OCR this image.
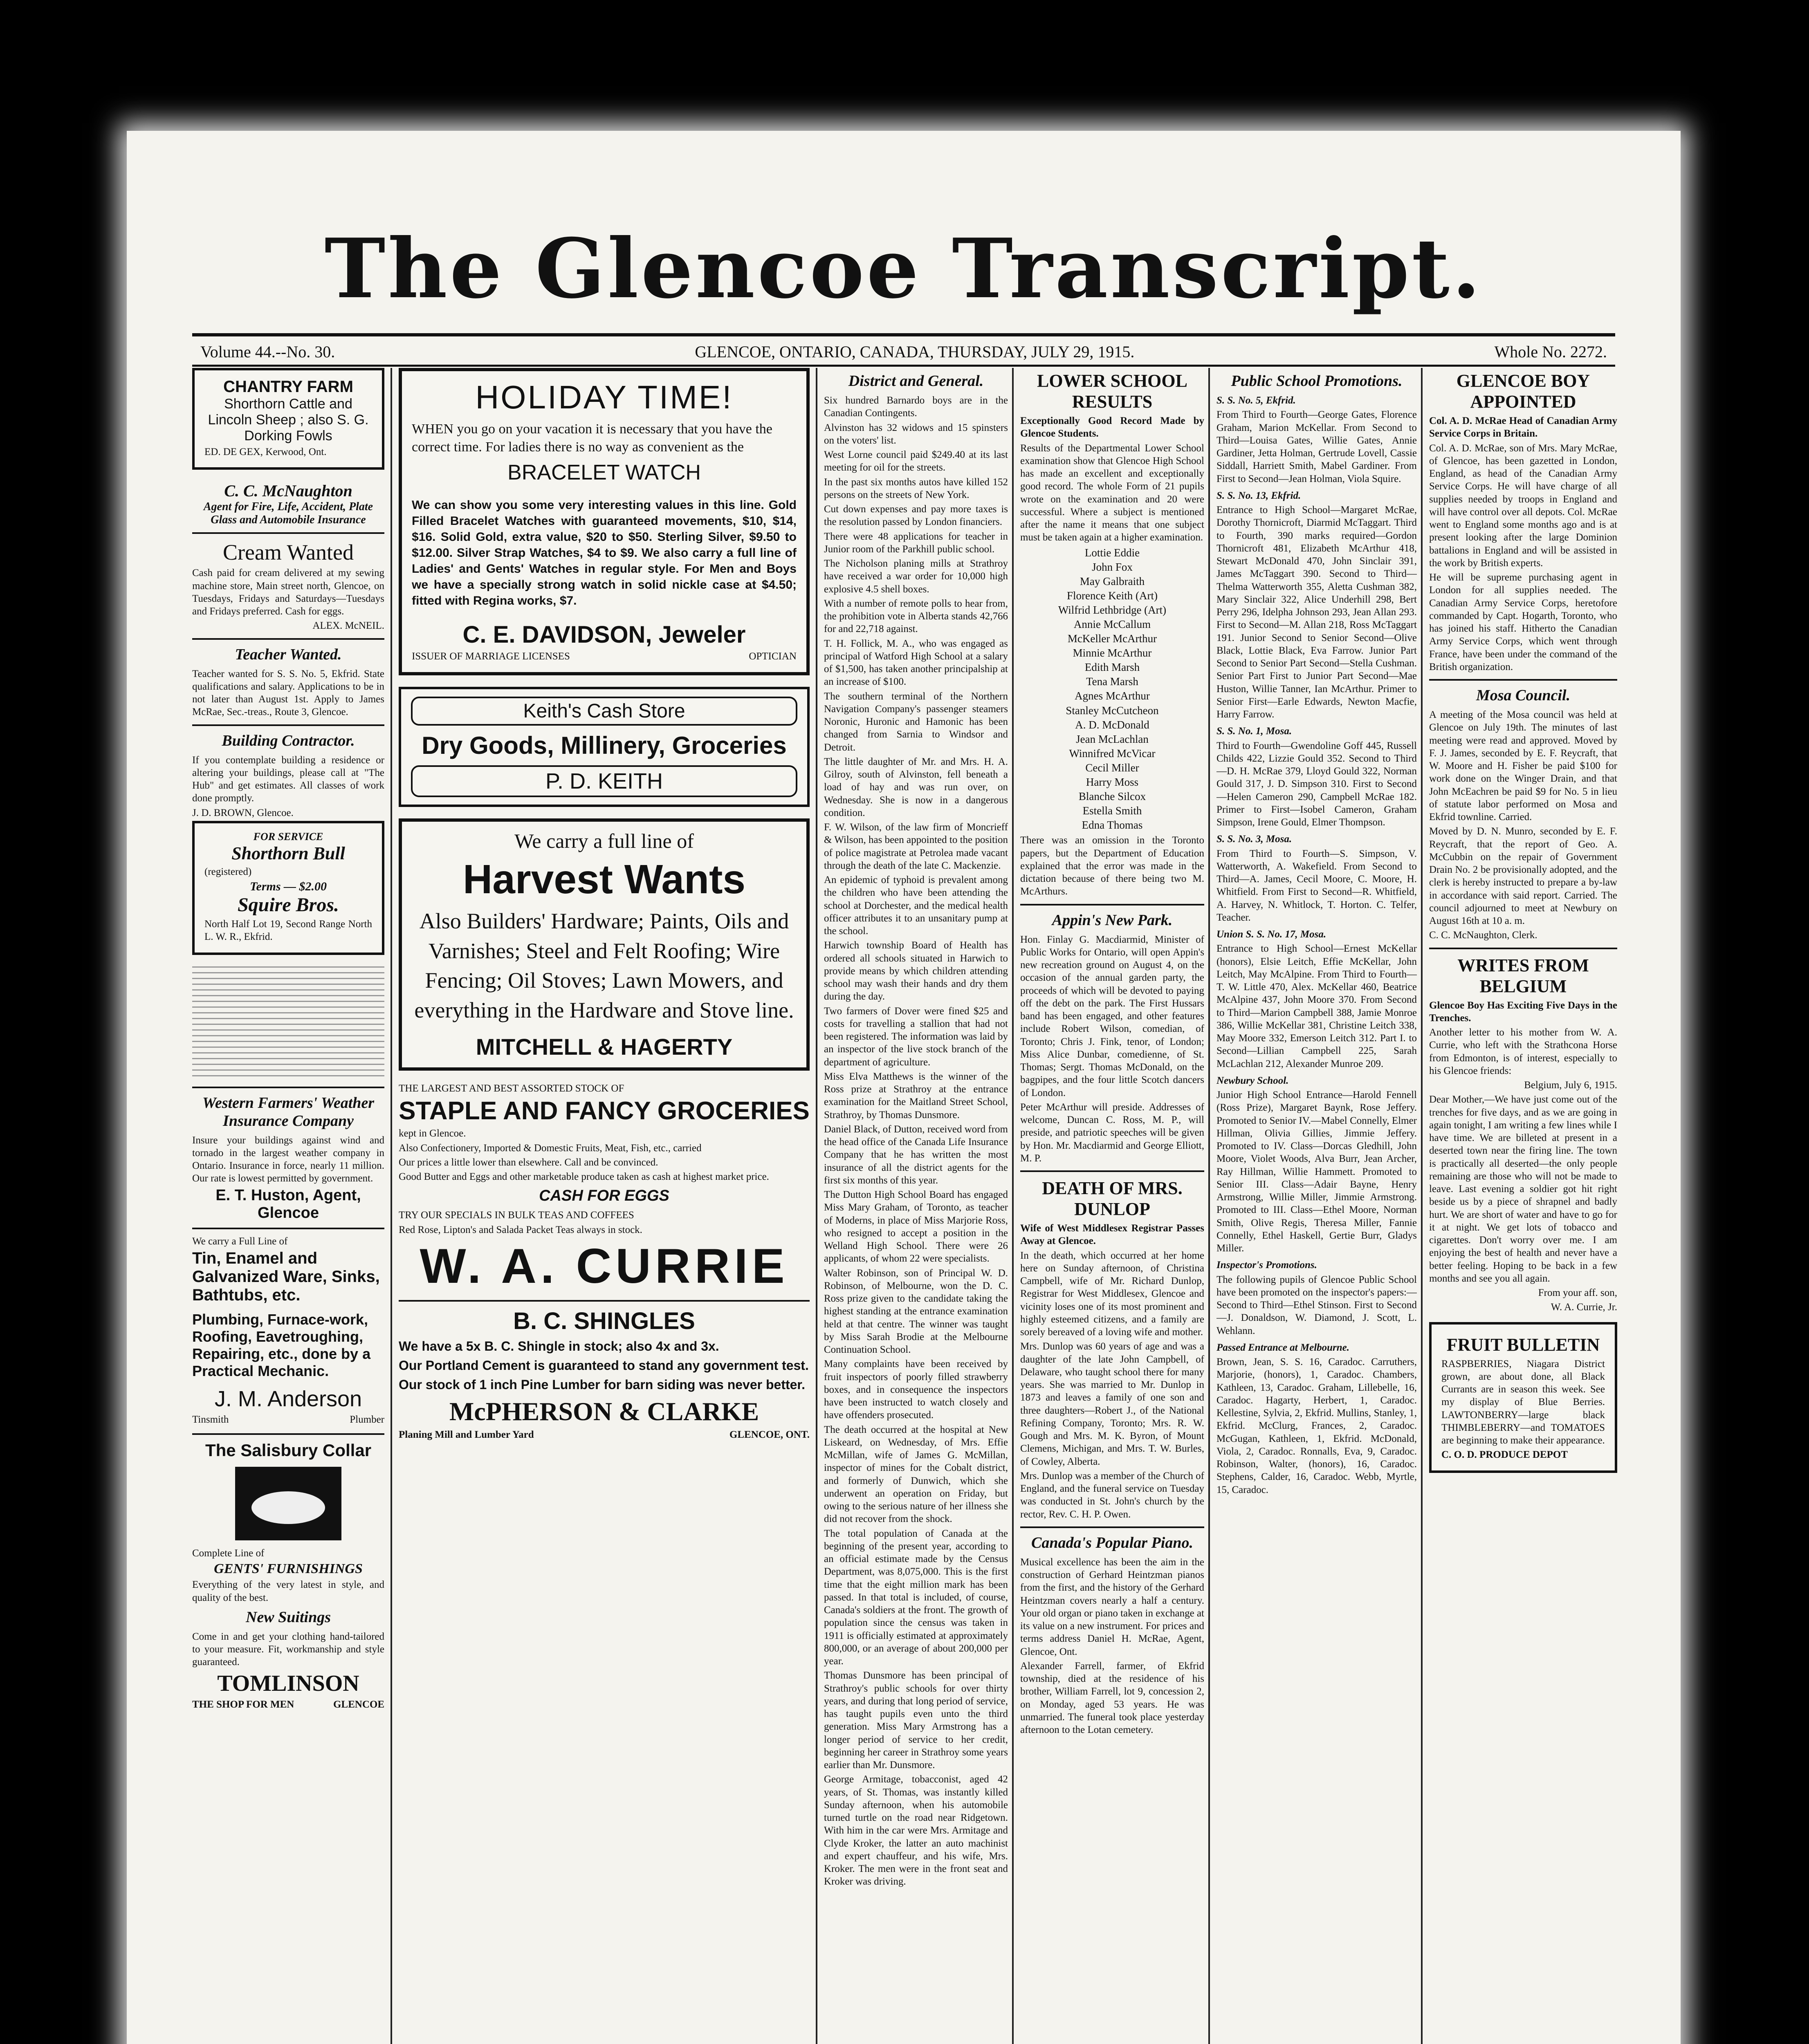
The Glencoe Transcript.
Volume 44.--No. 30.	GLENCOE, ONTARIO, CANADA, THURSDAY, JULY 29, 1915.	Whole No. 2272.
CHANTRY FARM
Shorthorn Cattle and Lincoln Sheep ; also S. G. Dorking Fowls
ED. DE GEX, Kerwood, Ont.
C. C. McNaughton
Agent for Fire, Life, Accident, Plate Glass and Automobile Insurance
Cream Wanted

Cash paid for cream delivered at my sewing machine store, Main street north, Glencoe, on Tuesdays, Fridays and Saturdays—Tuesdays and Fridays preferred. Cash for eggs.

ALEX. McNEIL.
Teacher Wanted.

Teacher wanted for S. S. No. 5, Ekfrid. State qualifications and salary. Applications to be in not later than August 1st. Apply to James McRae, Sec.-treas., Route 3, Glencoe.

Building Contractor.

If you contemplate building a residence or altering your buildings, please call at "The Hub" and get estimates. All classes of work done promptly.

J. D. BROWN, Glencoe.
FOR SERVICE
Shorthorn Bull
(registered)
Terms — $2.00
Squire Bros.
North Half Lot 19, Second Range North L. W. R., Ekfrid.
Western Farmers' Weather Insurance Company

Insure your buildings against wind and tornado in the largest weather company in Ontario. Insurance in force, nearly 11 million. Our rate is lowest permitted by government.

E. T. Huston, Agent, Glencoe
We carry a Full Line of
Tin, Enamel and Galvanized Ware, Sinks, Bathtubs, etc.
Plumbing, Furnace-work, Roofing, Eavetroughing, Repairing, etc., done by a Practical Mechanic.
J. M. Anderson
Tinsmith	Plumber
The Salisbury Collar
Complete Line of
GENTS' FURNISHINGS

Everything of the very latest in style, and quality of the best.

New Suitings

Come in and get your clothing hand-tailored to your measure. Fit, workmanship and style guaranteed.

TOMLINSON
THE SHOP FOR MEN	GLENCOE
HOLIDAY TIME!

WHEN you go on your vacation it is necessary that you have the correct time. For ladies there is no way as convenient as the

BRACELET WATCH

We can show you some very interesting values in this line. Gold Filled Bracelet Watches with guaranteed movements, $10, $14, $16. Solid Gold, extra value, $20 to $50. Sterling Silver, $9.50 to $12.00. Silver Strap Watches, $4 to $9. We also carry a full line of Ladies' and Gents' Watches in regular style. For Men and Boys we have a specially strong watch in solid nickle case at $4.50; fitted with Regina works, $7.

C. E. DAVIDSON, Jeweler
ISSUER OF MARRIAGE LICENSES	OPTICIAN
Keith's Cash Store
Dry Goods, Millinery, Groceries
P. D. KEITH
We carry a full line of
Harvest Wants
Also Builders' Hardware; Paints, Oils and Varnishes; Steel and Felt Roofing; Wire Fencing; Oil Stoves; Lawn Mowers, and everything in the Hardware and Stove line.
MITCHELL & HAGERTY
THE LARGEST AND BEST ASSORTED STOCK OF
STAPLE AND FANCY GROCERIES
kept in Glencoe.
Also Confectionery, Imported & Domestic Fruits, Meat, Fish, etc., carried
Our prices a little lower than elsewhere. Call and be convinced.
Good Butter and Eggs and other marketable produce taken as cash at highest market price.
CASH FOR EGGS
TRY OUR SPECIALS IN BULK TEAS AND COFFEES
Red Rose, Lipton's and Salada Packet Teas always in stock.
W. A. CURRIE
B. C. SHINGLES
We have a 5x B. C. Shingle in stock; also 4x and 3x.
Our Portland Cement is guaranteed to stand any government test.
Our stock of 1 inch Pine Lumber for barn siding was never better.
McPHERSON & CLARKE
Planing Mill and Lumber Yard	GLENCOE, ONT.
District and General.

Six hundred Barnardo boys are in the Canadian Contingents.

Alvinston has 32 widows and 15 spinsters on the voters' list.

West Lorne council paid $249.40 at its last meeting for oil for the streets.

In the past six months autos have killed 152 persons on the streets of New York.

Cut down expenses and pay more taxes is the resolution passed by London financiers.

There were 48 applications for teacher in Junior room of the Parkhill public school.

The Nicholson planing mills at Strathroy have received a war order for 10,000 high explosive 4.5 shell boxes.

With a number of remote polls to hear from, the prohibition vote in Alberta stands 42,766 for and 22,718 against.

T. H. Follick, M. A., who was engaged as principal of Watford High School at a salary of $1,500, has taken another principalship at an increase of $100.

The southern terminal of the Northern Navigation Company's passenger steamers Noronic, Huronic and Hamonic has been changed from Sarnia to Windsor and Detroit.

The little daughter of Mr. and Mrs. H. A. Gilroy, south of Alvinston, fell beneath a load of hay and was run over, on Wednesday. She is now in a dangerous condition.

F. W. Wilson, of the law firm of Moncrieff & Wilson, has been appointed to the position of police magistrate at Petrolea made vacant through the death of the late C. Mackenzie.

An epidemic of typhoid is prevalent among the children who have been attending the school at Dorchester, and the medical health officer attributes it to an unsanitary pump at the school.

Harwich township Board of Health has ordered all schools situated in Harwich to provide means by which children attending school may wash their hands and dry them during the day.

Two farmers of Dover were fined $25 and costs for travelling a stallion that had not been registered. The information was laid by an inspector of the live stock branch of the department of agriculture.

Miss Elva Matthews is the winner of the Ross prize at Strathroy at the entrance examination for the Maitland Street School, Strathroy, by Thomas Dunsmore.

Daniel Black, of Dutton, received word from the head office of the Canada Life Insurance Company that he has written the most insurance of all the district agents for the first six months of this year.

The Dutton High School Board has engaged Miss Mary Graham, of Toronto, as teacher of Moderns, in place of Miss Marjorie Ross, who resigned to accept a position in the Welland High School. There were 26 applicants, of whom 22 were specialists.

Walter Robinson, son of Principal W. D. Robinson, of Melbourne, won the D. C. Ross prize given to the candidate taking the highest standing at the entrance examination held at that centre. The winner was taught by Miss Sarah Brodie at the Melbourne Continuation School.

Many complaints have been received by fruit inspectors of poorly filled strawberry boxes, and in consequence the inspectors have been instructed to watch closely and have offenders prosecuted.

The death occurred at the hospital at New Liskeard, on Wednesday, of Mrs. Effie McMillan, wife of James G. McMillan, inspector of mines for the Cobalt district, and formerly of Dunwich, which she underwent an operation on Friday, but owing to the serious nature of her illness she did not recover from the shock.

The total population of Canada at the beginning of the present year, according to an official estimate made by the Census Department, was 8,075,000. This is the first time that the eight million mark has been passed. In that total is included, of course, Canada's soldiers at the front. The growth of population since the census was taken in 1911 is officially estimated at approximately 800,000, or an average of about 200,000 per year.

Thomas Dunsmore has been principal of Strathroy's public schools for over thirty years, and during that long period of service, has taught pupils even unto the third generation. Miss Mary Armstrong has a longer period of service to her credit, beginning her career in Strathroy some years earlier than Mr. Dunsmore.

George Armitage, tobacconist, aged 42 years, of St. Thomas, was instantly killed Sunday afternoon, when his automobile turned turtle on the road near Ridgetown. With him in the car were Mrs. Armitage and Clyde Kroker, the latter an auto machinist and expert chauffeur, and his wife, Mrs. Kroker. The men were in the front seat and Kroker was driving.

LOWER SCHOOL RESULTS
Exceptionally Good Record Made by Glencoe Students.

Results of the Departmental Lower School examination show that Glencoe High School has made an excellent and exceptionally good record. The whole Form of 21 pupils wrote on the examination and 20 were successful. Where a subject is mentioned after the name it means that one subject must be taken again at a higher examination.

Lottie Eddie
John Fox
May Galbraith
Florence Keith (Art)
Wilfrid Lethbridge (Art)
Annie McCallum
McKeller McArthur
Minnie McArthur
Edith Marsh
Tena Marsh
Agnes McArthur
Stanley McCutcheon
A. D. McDonald
Jean McLachlan
Winnifred McVicar
Cecil Miller
Harry Moss
Blanche Silcox
Estella Smith
Edna Thomas

There was an omission in the Toronto papers, but the Department of Education explained that the error was made in the dictation because of there being two M. McArthurs.

Appin's New Park.

Hon. Finlay G. Macdiarmid, Minister of Public Works for Ontario, will open Appin's new recreation ground on August 4, on the occasion of the annual garden party, the proceeds of which will be devoted to paying off the debt on the park. The First Hussars band has been engaged, and other features include Robert Wilson, comedian, of Toronto; Chris J. Fink, tenor, of London; Miss Alice Dunbar, comedienne, of St. Thomas; Sergt. Thomas McDonald, on the bagpipes, and the four little Scotch dancers of London.

Peter McArthur will preside. Addresses of welcome, Duncan C. Ross, M. P., will preside, and patriotic speeches will be given by Hon. Mr. Macdiarmid and George Elliott, M. P.

DEATH OF MRS. DUNLOP
Wife of West Middlesex Registrar Passes Away at Glencoe.

In the death, which occurred at her home here on Sunday afternoon, of Christina Campbell, wife of Mr. Richard Dunlop, Registrar for West Middlesex, Glencoe and vicinity loses one of its most prominent and highly esteemed citizens, and a family are sorely bereaved of a loving wife and mother.

Mrs. Dunlop was 60 years of age and was a daughter of the late John Campbell, of Delaware, who taught school there for many years. She was married to Mr. Dunlop in 1873 and leaves a family of one son and three daughters—Robert J., of the National Refining Company, Toronto; Mrs. R. W. Gough and Mrs. M. K. Byron, of Mount Clemens, Michigan, and Mrs. T. W. Burles, of Cowley, Alberta.

Mrs. Dunlop was a member of the Church of England, and the funeral service on Tuesday was conducted in St. John's church by the rector, Rev. C. H. P. Owen.

Canada's Popular Piano.

Musical excellence has been the aim in the construction of Gerhard Heintzman pianos from the first, and the history of the Gerhard Heintzman covers nearly a half a century. Your old organ or piano taken in exchange at its value on a new instrument. For prices and terms address Daniel H. McRae, Agent, Glencoe, Ont.

Alexander Farrell, farmer, of Ekfrid township, died at the residence of his brother, William Farrell, lot 9, concession 2, on Monday, aged 53 years. He was unmarried. The funeral took place yesterday afternoon to the Lotan cemetery.

Public School Promotions.
S. S. No. 5, Ekfrid.

From Third to Fourth—George Gates, Florence Graham, Marion McKellar. From Second to Third—Louisa Gates, Willie Gates, Annie Gardiner, Jetta Holman, Gertrude Lovell, Cassie Siddall, Harriett Smith, Mabel Gardiner. From First to Second—Jean Holman, Viola Squire.

S. S. No. 13, Ekfrid.

Entrance to High School—Margaret McRae, Dorothy Thornicroft, Diarmid McTaggart. Third to Fourth, 390 marks required—Gordon Thornicroft 481, Elizabeth McArthur 418, Stewart McDonald 470, John Sinclair 391, James McTaggart 390. Second to Third—Thelma Watterworth 355, Aletta Cushman 382, Mary Sinclair 322, Alice Underhill 298, Bert Perry 296, Idelpha Johnson 293, Jean Allan 293. First to Second—M. Allan 218, Ross McTaggart 191. Junior Second to Senior Second—Olive Black, Lottie Black, Eva Farrow. Junior Part Second to Senior Part Second—Stella Cushman. Senior Part First to Junior Part Second—Mae Huston, Willie Tanner, Ian McArthur. Primer to Senior First—Earle Edwards, Newton Macfie, Harry Farrow.

S. S. No. 1, Mosa.

Third to Fourth—Gwendoline Goff 445, Russell Childs 422, Lizzie Gould 352. Second to Third—D. H. McRae 379, Lloyd Gould 322, Norman Gould 317, J. D. Simpson 310. First to Second—Helen Cameron 290, Campbell McRae 182. Primer to First—Isobel Cameron, Graham Simpson, Irene Gould, Elmer Thompson.

S. S. No. 3, Mosa.

From Third to Fourth—S. Simpson, V. Watterworth, A. Wakefield. From Second to Third—A. James, Cecil Moore, C. Moore, H. Whitfield. From First to Second—R. Whitfield, A. Harvey, N. Whitlock, T. Horton. C. Telfer, Teacher.

Union S. S. No. 17, Mosa.

Entrance to High School—Ernest McKellar (honors), Elsie Leitch, Effie McKellar, John Leitch, May McAlpine. From Third to Fourth—T. W. Little 470, Alex. McKellar 460, Beatrice McAlpine 437, John Moore 370. From Second to Third—Marion Campbell 388, Jamie Monroe 386, Willie McKellar 381, Christine Leitch 338, May Moore 332, Emerson Leitch 312. Part I. to Second—Lillian Campbell 225, Sarah McLachlan 212, Alexander Munroe 209.

Newbury School.

Junior High School Entrance—Harold Fennell (Ross Prize), Margaret Baynk, Rose Jeffery. Promoted to Senior IV.—Mabel Connelly, Elmer Hillman, Olivia Gillies, Jimmie Jeffery. Promoted to IV. Class—Dorcas Gledhill, John Moore, Violet Woods, Alva Burr, Jean Archer, Ray Hillman, Willie Hammett. Promoted to Senior III. Class—Adair Bayne, Henry Armstrong, Willie Miller, Jimmie Armstrong. Promoted to III. Class—Ethel Moore, Norman Smith, Olive Regis, Theresa Miller, Fannie Connelly, Ethel Haskell, Gertie Burr, Gladys Miller.

Inspector's Promotions.

The following pupils of Glencoe Public School have been promoted on the inspector's papers:— Second to Third—Ethel Stinson. First to Second—J. Donaldson, W. Diamond, J. Scott, L. Wehlann.

Passed Entrance at Melbourne.

Brown, Jean, S. S. 16, Caradoc. Carruthers, Marjorie, (honors), 1, Caradoc. Chambers, Kathleen, 13, Caradoc. Graham, Lillebelle, 16, Caradoc. Hagarty, Herbert, 1, Caradoc. Kellestine, Sylvia, 2, Ekfrid. Mullins, Stanley, 1, Ekfrid. McClurg, Frances, 2, Caradoc. McGugan, Kathleen, 1, Ekfrid. McDonald, Viola, 2, Caradoc. Ronnalls, Eva, 9, Caradoc. Robinson, Walter, (honors), 16, Caradoc. Stephens, Calder, 16, Caradoc. Webb, Myrtle, 15, Caradoc.

GLENCOE BOY APPOINTED
Col. A. D. McRae Head of Canadian Army Service Corps in Britain.

Col. A. D. McRae, son of Mrs. Mary McRae, of Glencoe, has been gazetted in London, England, as head of the Canadian Army Service Corps. He will have charge of all supplies needed by troops in England and will have control over all depots. Col. McRae went to England some months ago and is at present looking after the large Dominion battalions in England and will be assisted in the work by British experts.

He will be supreme purchasing agent in London for all supplies needed. The Canadian Army Service Corps, heretofore commanded by Capt. Hogarth, Toronto, who has joined his staff. Hitherto the Canadian Army Service Corps, which went through France, have been under the command of the British organization.

Mosa Council.

A meeting of the Mosa council was held at Glencoe on July 19th. The minutes of last meeting were read and approved. Moved by F. J. James, seconded by E. F. Reycraft, that W. Moore and H. Fisher be paid $100 for work done on the Winger Drain, and that John McEachren be paid $9 for No. 5 in lieu of statute labor performed on Mosa and Ekfrid townline. Carried.

Moved by D. N. Munro, seconded by E. F. Reycraft, that the report of Geo. A. McCubbin on the repair of Government Drain No. 2 be provisionally adopted, and the clerk is hereby instructed to prepare a by-law in accordance with said report. Carried. The council adjourned to meet at Newbury on August 16th at 10 a. m.

C. C. McNaughton, Clerk.
WRITES FROM BELGIUM
Glencoe Boy Has Exciting Five Days in the Trenches.

Another letter to his mother from W. A. Currie, who left with the Strathcona Horse from Edmonton, is of interest, especially to his Glencoe friends:

Belgium, July 6, 1915.

Dear Mother,—We have just come out of the trenches for five days, and as we are going in again tonight, I am writing a few lines while I have time. We are billeted at present in a deserted town near the firing line. The town is practically all deserted—the only people remaining are those who will not be made to leave. Last evening a soldier got hit right beside us by a piece of shrapnel and badly hurt. We are short of water and have to go for it at night. We get lots of tobacco and cigarettes. Don't worry over me. I am enjoying the best of health and never have a better feeling. Hoping to be back in a few months and see you all again.

From your aff. son,
W. A. Currie, Jr.
FRUIT BULLETIN

RASPBERRIES, Niagara District grown, are about done, all Black Currants are in season this week. See my display of Blue Berries. LAWTONBERRY—large black THIMBLEBERRY—and TOMATOES are beginning to make their appearance.

C. O. D. PRODUCE DEPOT
